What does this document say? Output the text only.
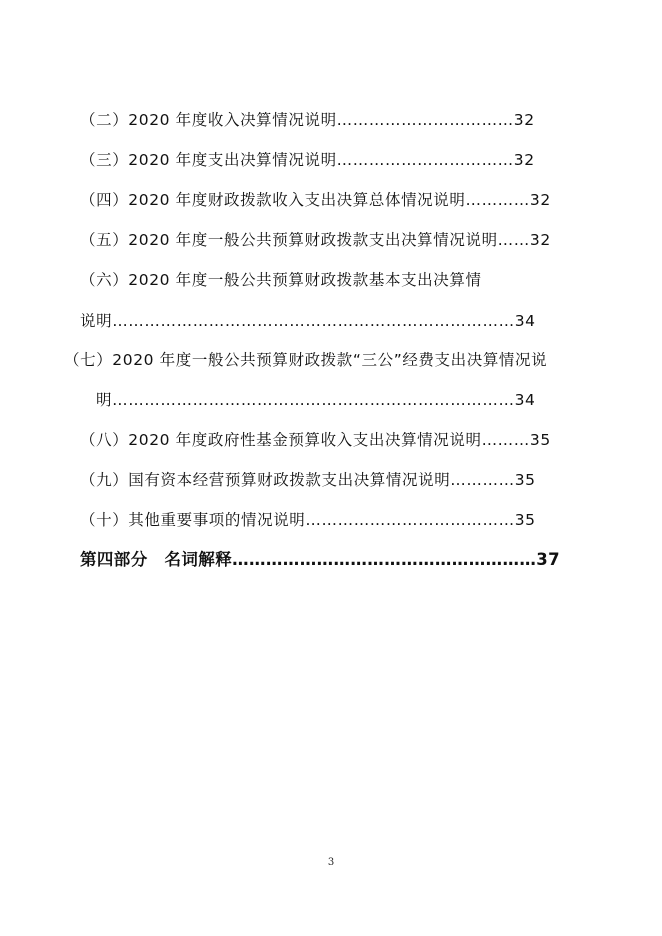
（二）2020 年度收入决算情况说明……………………………32
（三）2020 年度支出决算情况说明……………………………32
（四）2020 年度财政拨款收入支出决算总体情况说明…………32
（五）2020 年度一般公共预算财政拨款支出决算情况说明……32
（六）2020 年度一般公共预算财政拨款基本支出决算情
说明…………………………………………………………………34
（七）2020 年度一般公共预算财政拨款“三公”经费支出决算情况说
明…………………………………………………………………34
（八）2020 年度政府性基金预算收入支出决算情况说明………35
（九）国有资本经营预算财政拨款支出决算情况说明…………35
（十）其他重要事项的情况说明…………………………………35
第四部分　名词解释………………………………………………37
3
